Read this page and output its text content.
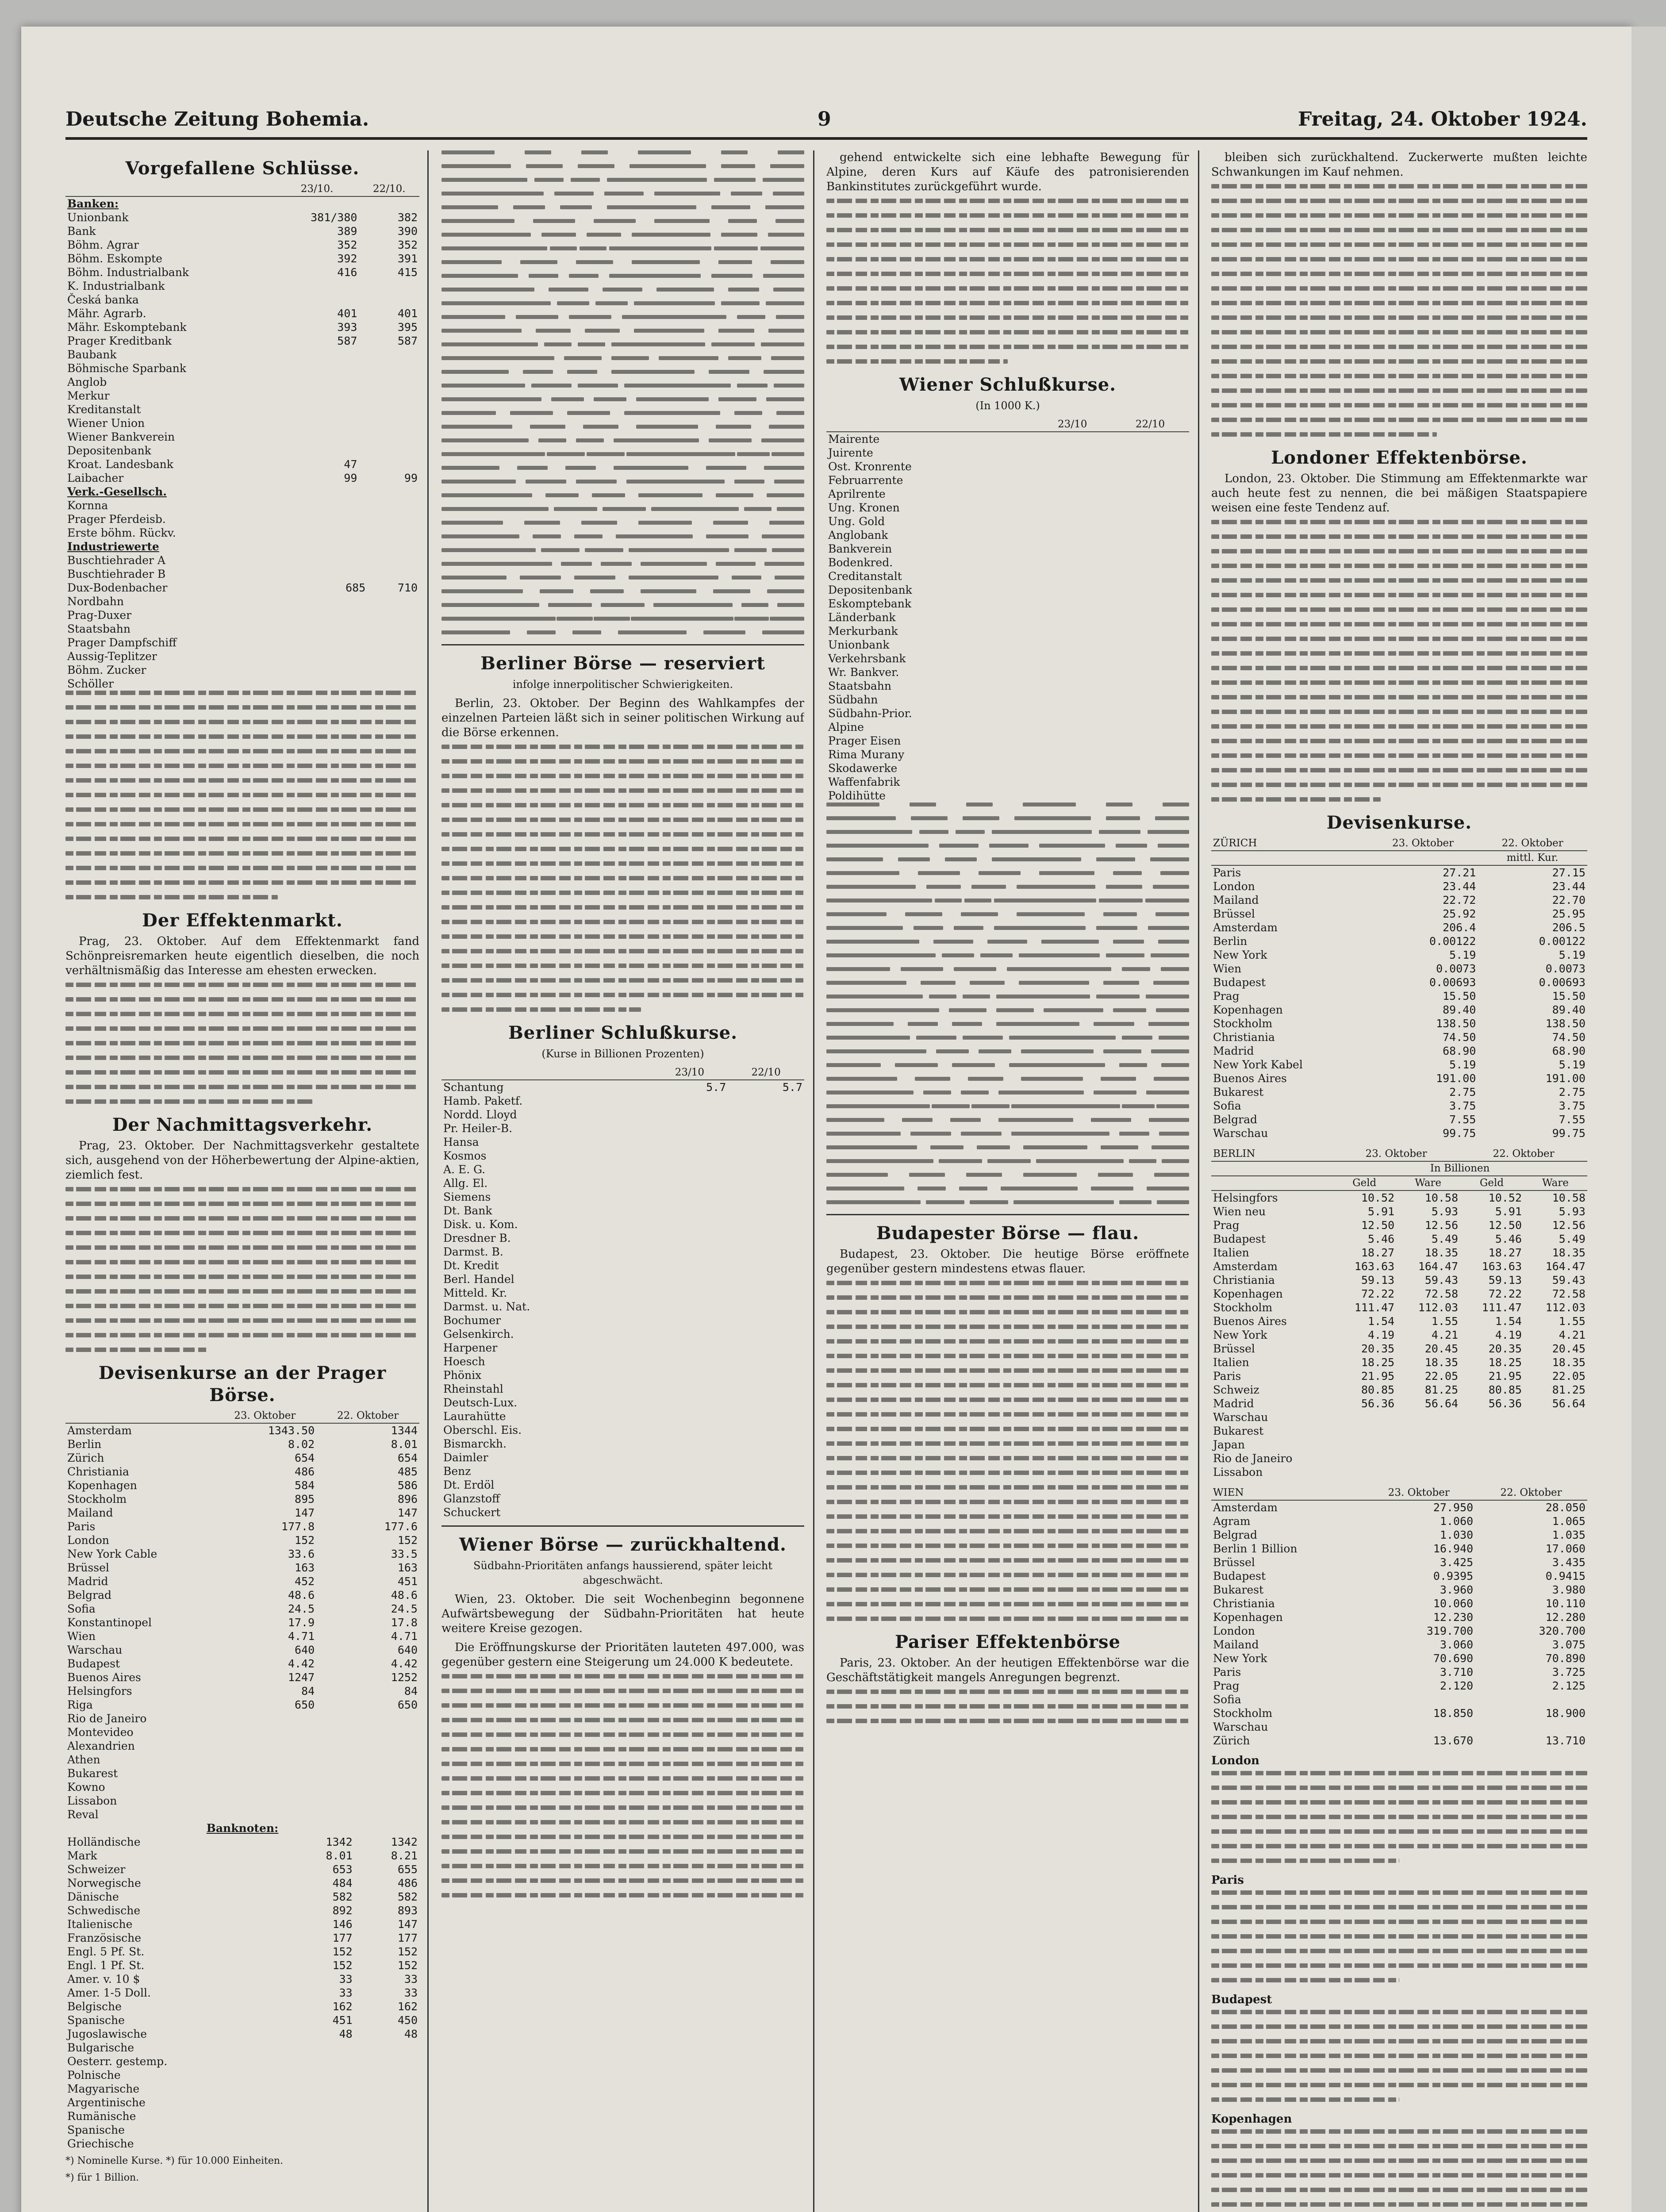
Deutsche Zeitung Bohemia.	9	Freitag, 24. Oktober 1924.
Vorgefallene Schlüsse.
	23/10.	22/10.
Banken:		
Unionbank	381/380	382
Bank	389	390
Böhm. Agrar	352	352
Böhm. Eskompte	392	391
Böhm. Industrialbank	416	415
K. Industrialbank		
Česká banka		
Mähr. Agrarb.	401	401
Mähr. Eskomptebank	393	395
Prager Kreditbank	587	587
Baubank		
Böhmische Sparbank		
Anglob		
Merkur		
Kreditanstalt		
Wiener Union		
Wiener Bankverein		
Depositenbank		
Kroat. Landesbank	47	
Laibacher	99	99
Verk.-Gesellsch.
Kornna
Prager Pferdeisb.
Erste böhm. Rückv.
Industriewerte		
Buschtiehrader A		
Buschtiehrader B		
Dux-Bodenbacher	685	710
Nordbahn		
Prag-Duxer		
Staatsbahn		
Prager Dampfschiff		
Aussig-Teplitzer		
Böhm. Zucker		
Schöller		
Der Effektenmarkt.

Prag, 23. Oktober. Auf dem Effektenmarkt fand Schönpreisremarken heute eigentlich dieselben, die noch verhältnismäßig das Interesse am ehesten erwecken.

Der Nachmittagsverkehr.

Prag, 23. Oktober. Der Nachmittagsverkehr gestaltete sich, ausgehend von der Höherbewertung der Alpine-aktien, ziemlich fest.

Devisenkurse an der Prager Börse.
	23. Oktober	22. Oktober
Amsterdam	1343.50	1344
Berlin	8.02	8.01
Zürich	654	654
Christiania	486	485
Kopenhagen	584	586
Stockholm	895	896
Mailand	147	147
Paris	177.8	177.6
London	152	152
New York Cable	33.6	33.5
Brüssel	163	163
Madrid	452	451
Belgrad	48.6	48.6
Sofia	24.5	24.5
Konstantinopel	17.9	17.8
Wien	4.71	4.71
Warschau	640	640
Budapest	4.42	4.42
Buenos Aires	1247	1252
Helsingfors	84	84
Riga	650	650
Rio de Janeiro		
Montevideo		
Alexandrien		
Athen		
Bukarest		
Kowno		
Lissabon		
Reval		
Banknoten:		
Holländische	1342	1342
Mark	8.01	8.21
Schweizer	653	655
Norwegische	484	486
Dänische	582	582
Schwedische	892	893
Italienische	146	147
Französische	177	177
Engl. 5 Pf. St.	152	152
Engl. 1 Pf. St.	152	152
Amer. v. 10 $	33	33
Amer. 1-5 Doll.	33	33
Belgische	162	162
Spanische	451	450
Jugoslawische	48	48
Bulgarische		
Oesterr. gestemp.		
Polnische		
Magyarische		
Argentinische		
Rumänische		
Spanische		
Griechische		
*) Nominelle Kurse. *) für 10.000 Einheiten.
*) für 1 Billion.
Berliner Börse — reserviert
infolge innerpolitischer Schwierigkeiten.

Berlin, 23. Oktober. Der Beginn des Wahlkampfes der einzelnen Parteien läßt sich in seiner politischen Wirkung auf die Börse erkennen.

Berliner Schlußkurse.
(Kurse in Billionen Prozenten)
	23/10	22/10
Schantung	5.7	5.7
Hamb. Paketf.		
Nordd. Lloyd		
Pr. Heiler-B.		
Hansa		
Kosmos		
A. E. G.		
Allg. El.		
Siemens		
Dt. Bank		
Disk. u. Kom.		
Dresdner B.		
Darmst. B.		
Dt. Kredit		
Berl. Handel		
Mitteld. Kr.		
Darmst. u. Nat.		
Bochumer		
Gelsenkirch.		
Harpener		
Hoesch		
Phönix		
Rheinstahl		
Deutsch-Lux.		
Laurahütte		
Oberschl. Eis.		
Bismarckh.		
Daimler		
Benz		
Dt. Erdöl		
Glanzstoff		
Schuckert		
Wiener Börse — zurückhaltend.
Südbahn-Prioritäten anfangs haussierend, später leicht abgeschwächt.

Wien, 23. Oktober. Die seit Wochenbeginn begonnene Aufwärtsbewegung der Südbahn-Prioritäten hat heute weitere Kreise gezogen.

Die Eröffnungskurse der Prioritäten lauteten 497.000, was gegenüber gestern eine Steigerung um 24.000 K bedeutete.

gehend entwickelte sich eine lebhafte Bewegung für Alpine, deren Kurs auf Käufe des patronisierenden Bankinstitutes zurückgeführt wurde.

Wiener Schlußkurse.
(In 1000 K.)
	23/10	22/10
Mairente		
Juirente		
Ost. Kronrente		
Februarrente		
Aprilrente		
Ung. Kronen		
Ung. Gold		
Anglobank		
Bankverein		
Bodenkred.		
Creditanstalt		
Depositenbank		
Eskomptebank		
Länderbank		
Merkurbank		
Unionbank		
Verkehrsbank		
Wr. Bankver.		
Staatsbahn		
Südbahn		
Südbahn-Prior.		
Alpine		
Prager Eisen		
Rima Murany		
Skodawerke		
Waffenfabrik		
Poldihütte		
Budapester Börse — flau.

Budapest, 23. Oktober. Die heutige Börse eröffnete gegenüber gestern mindestens etwas flauer.

Pariser Effektenbörse

Paris, 23. Oktober. An der heutigen Effektenbörse war die Geschäftstätigkeit mangels Anregungen begrenzt.

bleiben sich zurückhaltend. Zuckerwerte mußten leichte Schwankungen im Kauf nehmen.

Londoner Effektenbörse.

London, 23. Oktober. Die Stimmung am Effektenmarkte war auch heute fest zu nennen, die bei mäßigen Staatspapiere weisen eine feste Tendenz auf.

Devisenkurse.
ZÜRICH	23. Oktober	22. Oktober
		mittl. Kur.
Paris	27.21	27.15
London	23.44	23.44
Mailand	22.72	22.70
Brüssel	25.92	25.95
Amsterdam	206.4	206.5
Berlin	0.00122	0.00122
New York	5.19	5.19
Wien	0.0073	0.0073
Budapest	0.00693	0.00693
Prag	15.50	15.50
Kopenhagen	89.40	89.40
Stockholm	138.50	138.50
Christiania	74.50	74.50
Madrid	68.90	68.90
New York Kabel	5.19	5.19
Buenos Aires	191.00	191.00
Bukarest	2.75	2.75
Sofia	3.75	3.75
Belgrad	7.55	7.55
Warschau	99.75	99.75
BERLIN	23. Oktober		22. Oktober	
	In Billionen			
	Geld	Ware	Geld	Ware
Helsingfors	10.52	10.58	10.52	10.58
Wien neu	5.91	5.93	5.91	5.93
Prag	12.50	12.56	12.50	12.56
Budapest	5.46	5.49	5.46	5.49
Italien	18.27	18.35	18.27	18.35
Amsterdam	163.63	164.47	163.63	164.47
Christiania	59.13	59.43	59.13	59.43
Kopenhagen	72.22	72.58	72.22	72.58
Stockholm	111.47	112.03	111.47	112.03
Buenos Aires	1.54	1.55	1.54	1.55
New York	4.19	4.21	4.19	4.21
Brüssel	20.35	20.45	20.35	20.45
Italien	18.25	18.35	18.25	18.35
Paris	21.95	22.05	21.95	22.05
Schweiz	80.85	81.25	80.85	81.25
Madrid	56.36	56.64	56.36	56.64
Warschau				
Bukarest				
Japan				
Rio de Janeiro				
Lissabon				
WIEN	23. Oktober	22. Oktober
Amsterdam	27.950	28.050
Agram	1.060	1.065
Belgrad	1.030	1.035
Berlin 1 Billion	16.940	17.060
Brüssel	3.425	3.435
Budapest	0.9395	0.9415
Bukarest	3.960	3.980
Christiania	10.060	10.110
Kopenhagen	12.230	12.280
London	319.700	320.700
Mailand	3.060	3.075
New York	70.690	70.890
Paris	3.710	3.725
Prag	2.120	2.125
Sofia		
Stockholm	18.850	18.900
Warschau		
Zürich	13.670	13.710
London
Paris
Budapest
Kopenhagen
